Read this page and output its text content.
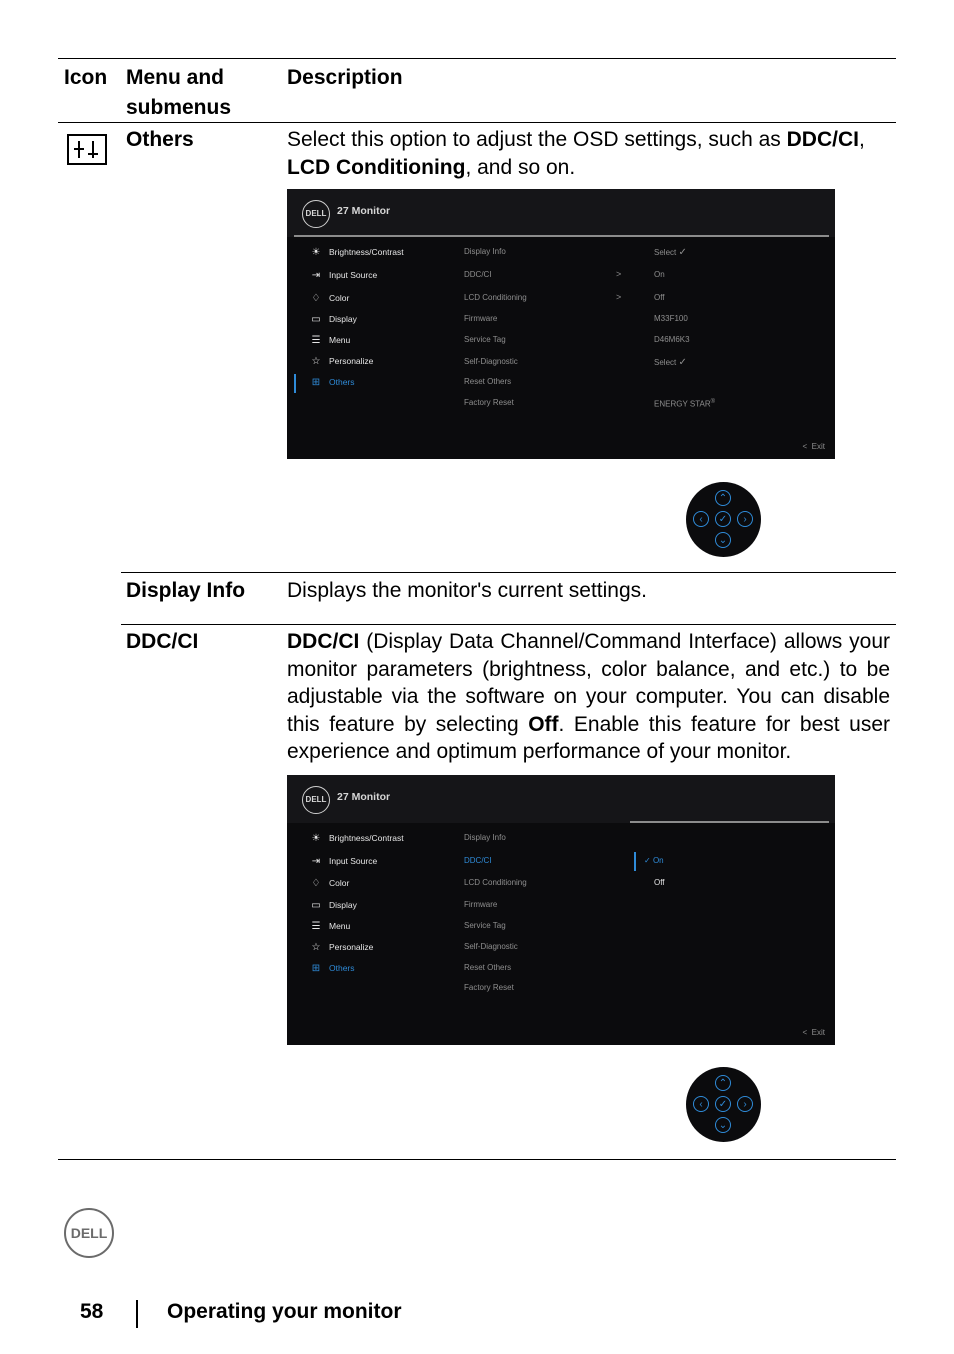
Icon Menu and
submenus
Description
Others	Select this option to adjust the OSD settings, such as DDC/CI, LCD Conditioning, and so on.
DELL	27 Monitor
☀ Brightness/Contrast
⇥ Input Source
♢ Color
▭ Display
☰ Menu
☆ Personalize
⊞ Others
Display Info
DDC/CI
LCD Conditioning
Firmware
Service Tag
Self-Diagnostic
Reset Others
Factory Reset
>
>
Select ✓
On
Off
M33F100
D46M6K3
Select ✓
ENERGY STAR®
< Exit
⌃
‹	✓	›
⌄
Display Info Displays the monitor's current settings.
DDC/CI	DDC/CI (Display Data Channel/Command Interface) allows your monitor parameters (brightness, color balance, and etc.) to be adjustable via the software on your computer. You can disable this feature by selecting Off. Enable this feature for best user experience and optimum performance of your monitor.
DELL	27 Monitor
☀ Brightness/Contrast
⇥ Input Source
♢ Color
▭ Display
☰ Menu
☆ Personalize
⊞ Others
Display Info
DDC/CI
LCD Conditioning
Firmware
Service Tag
Self-Diagnostic
Reset Others
Factory Reset
✓ On
Off
< Exit
⌃
‹	✓	›
⌄
DELL
58	Operating your monitor
